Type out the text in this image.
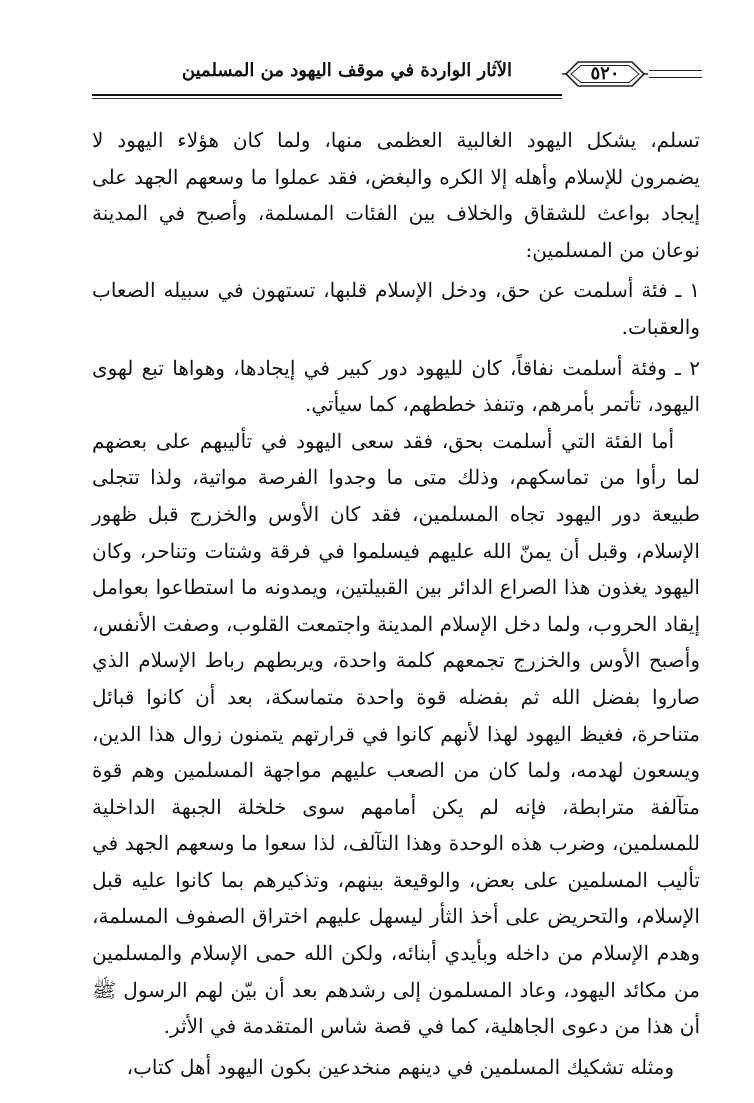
الآثار الواردة في موقف اليهود من المسلمين	٥٢٠

تسلم، يشكل اليهود الغالبية العظمى منها، ولما كان هؤلاء اليهود لا يضمرون للإسلام وأهله إلا الكره والبغض، فقد عملوا ما وسعهم الجهد على إيجاد بواعث للشقاق والخلاف بين الفئات المسلمة، وأصبح في المدينة نوعان من المسلمين:

١ ـ فئة أسلمت عن حق، ودخل الإسلام قلبها، تستهون في سبيله الصعاب والعقبات.

٢ ـ وفئة أسلمت نفاقاً، كان لليهود دور كبير في إيجادها، وهواها تبع لهوى اليهود، تأتمر بأمرهم، وتنفذ خططهم، كما سيأتي.

أما الفئة التي أسلمت بحق، فقد سعى اليهود في تأليبهم على بعضهم لما رأوا من تماسكهم، وذلك متى ما وجدوا الفرصة مواتية، ولذا تتجلى طبيعة دور اليهود تجاه المسلمين، فقد كان الأوس والخزرج قبل ظهور الإسلام، وقبل أن يمنّ الله عليهم فيسلموا في فرقة وشتات وتناحر، وكان اليهود يغذون هذا الصراع الدائر بين القبيلتين، ويمدونه ما استطاعوا بعوامل إيقاد الحروب، ولما دخل الإسلام المدينة واجتمعت القلوب، وصفت الأنفس، وأصبح الأوس والخزرج تجمعهم كلمة واحدة، ويربطهم رباط الإسلام الذي صاروا بفضل الله ثم بفضله قوة واحدة متماسكة، بعد أن كانوا قبائل متناحرة، فغيظ اليهود لهذا لأنهم كانوا في قرارتهم يتمنون زوال هذا الدين، ويسعون لهدمه، ولما كان من الصعب عليهم مواجهة المسلمين وهم قوة متآلفة مترابطة، فإنه لم يكن أمامهم سوى خلخلة الجبهة الداخلية للمسلمين، وضرب هذه الوحدة وهذا التآلف، لذا سعوا ما وسعهم الجهد في تأليب المسلمين على بعض، والوقيعة بينهم، وتذكيرهم بما كانوا عليه قبل الإسلام، والتحريض على أخذ الثأر ليسهل عليهم اختراق الصفوف المسلمة، وهدم الإسلام من داخله وبأيدي أبنائه، ولكن الله حمى الإسلام والمسلمين من مكائد اليهود، وعاد المسلمون إلى رشدهم بعد أن بيّن لهم الرسول ﷺ أن هذا من دعوى الجاهلية، كما في قصة شاس المتقدمة في الأثر.

ومثله تشكيك المسلمين في دينهم منخدعين بكون اليهود أهل كتاب،
